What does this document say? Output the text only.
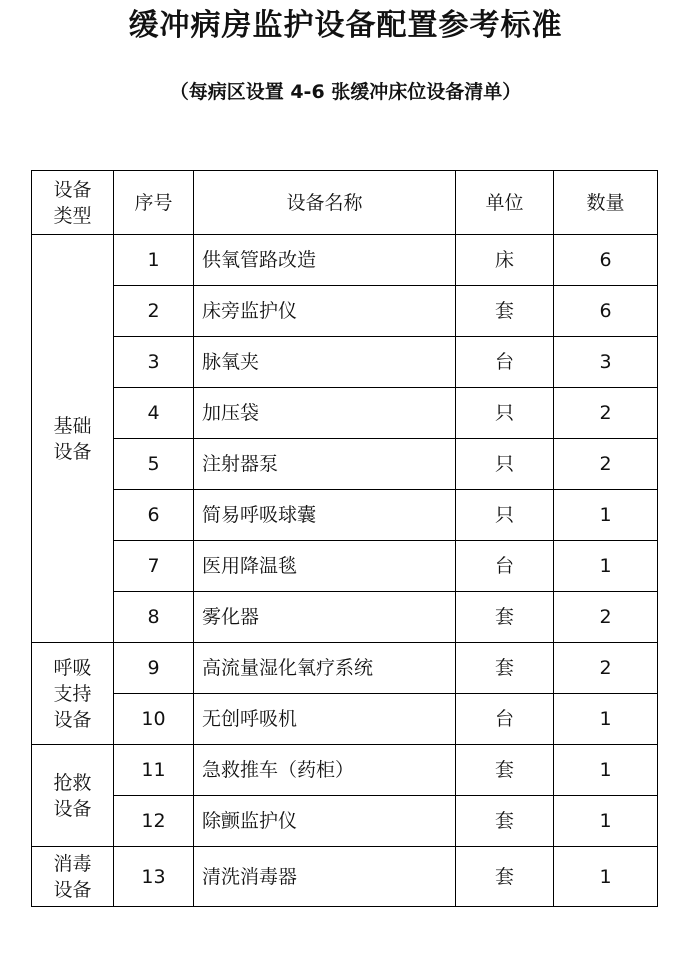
缓冲病房监护设备配置参考标准
（每病区设置 4-6 张缓冲床位设备清单）
设备类型	序号	设备名称	单位	数量

基础设备	1	供氧管路改造	床	6
	2	床旁监护仪	套	6
	3	脉氧夹	台	3
	4	加压袋	只	2
	5	注射器泵	只	2
	6	简易呼吸球囊	只	1
	7	医用降温毯	台	1
	8	雾化器	套	2

呼吸支持设备	9	高流量湿化氧疗系统	套	2
	10	无创呼吸机	台	1

抢救设备	11	急救推车（药柜）	套	1
	12	除颤监护仪	套	1

消毒设备	13	清洗消毒器	套	1
